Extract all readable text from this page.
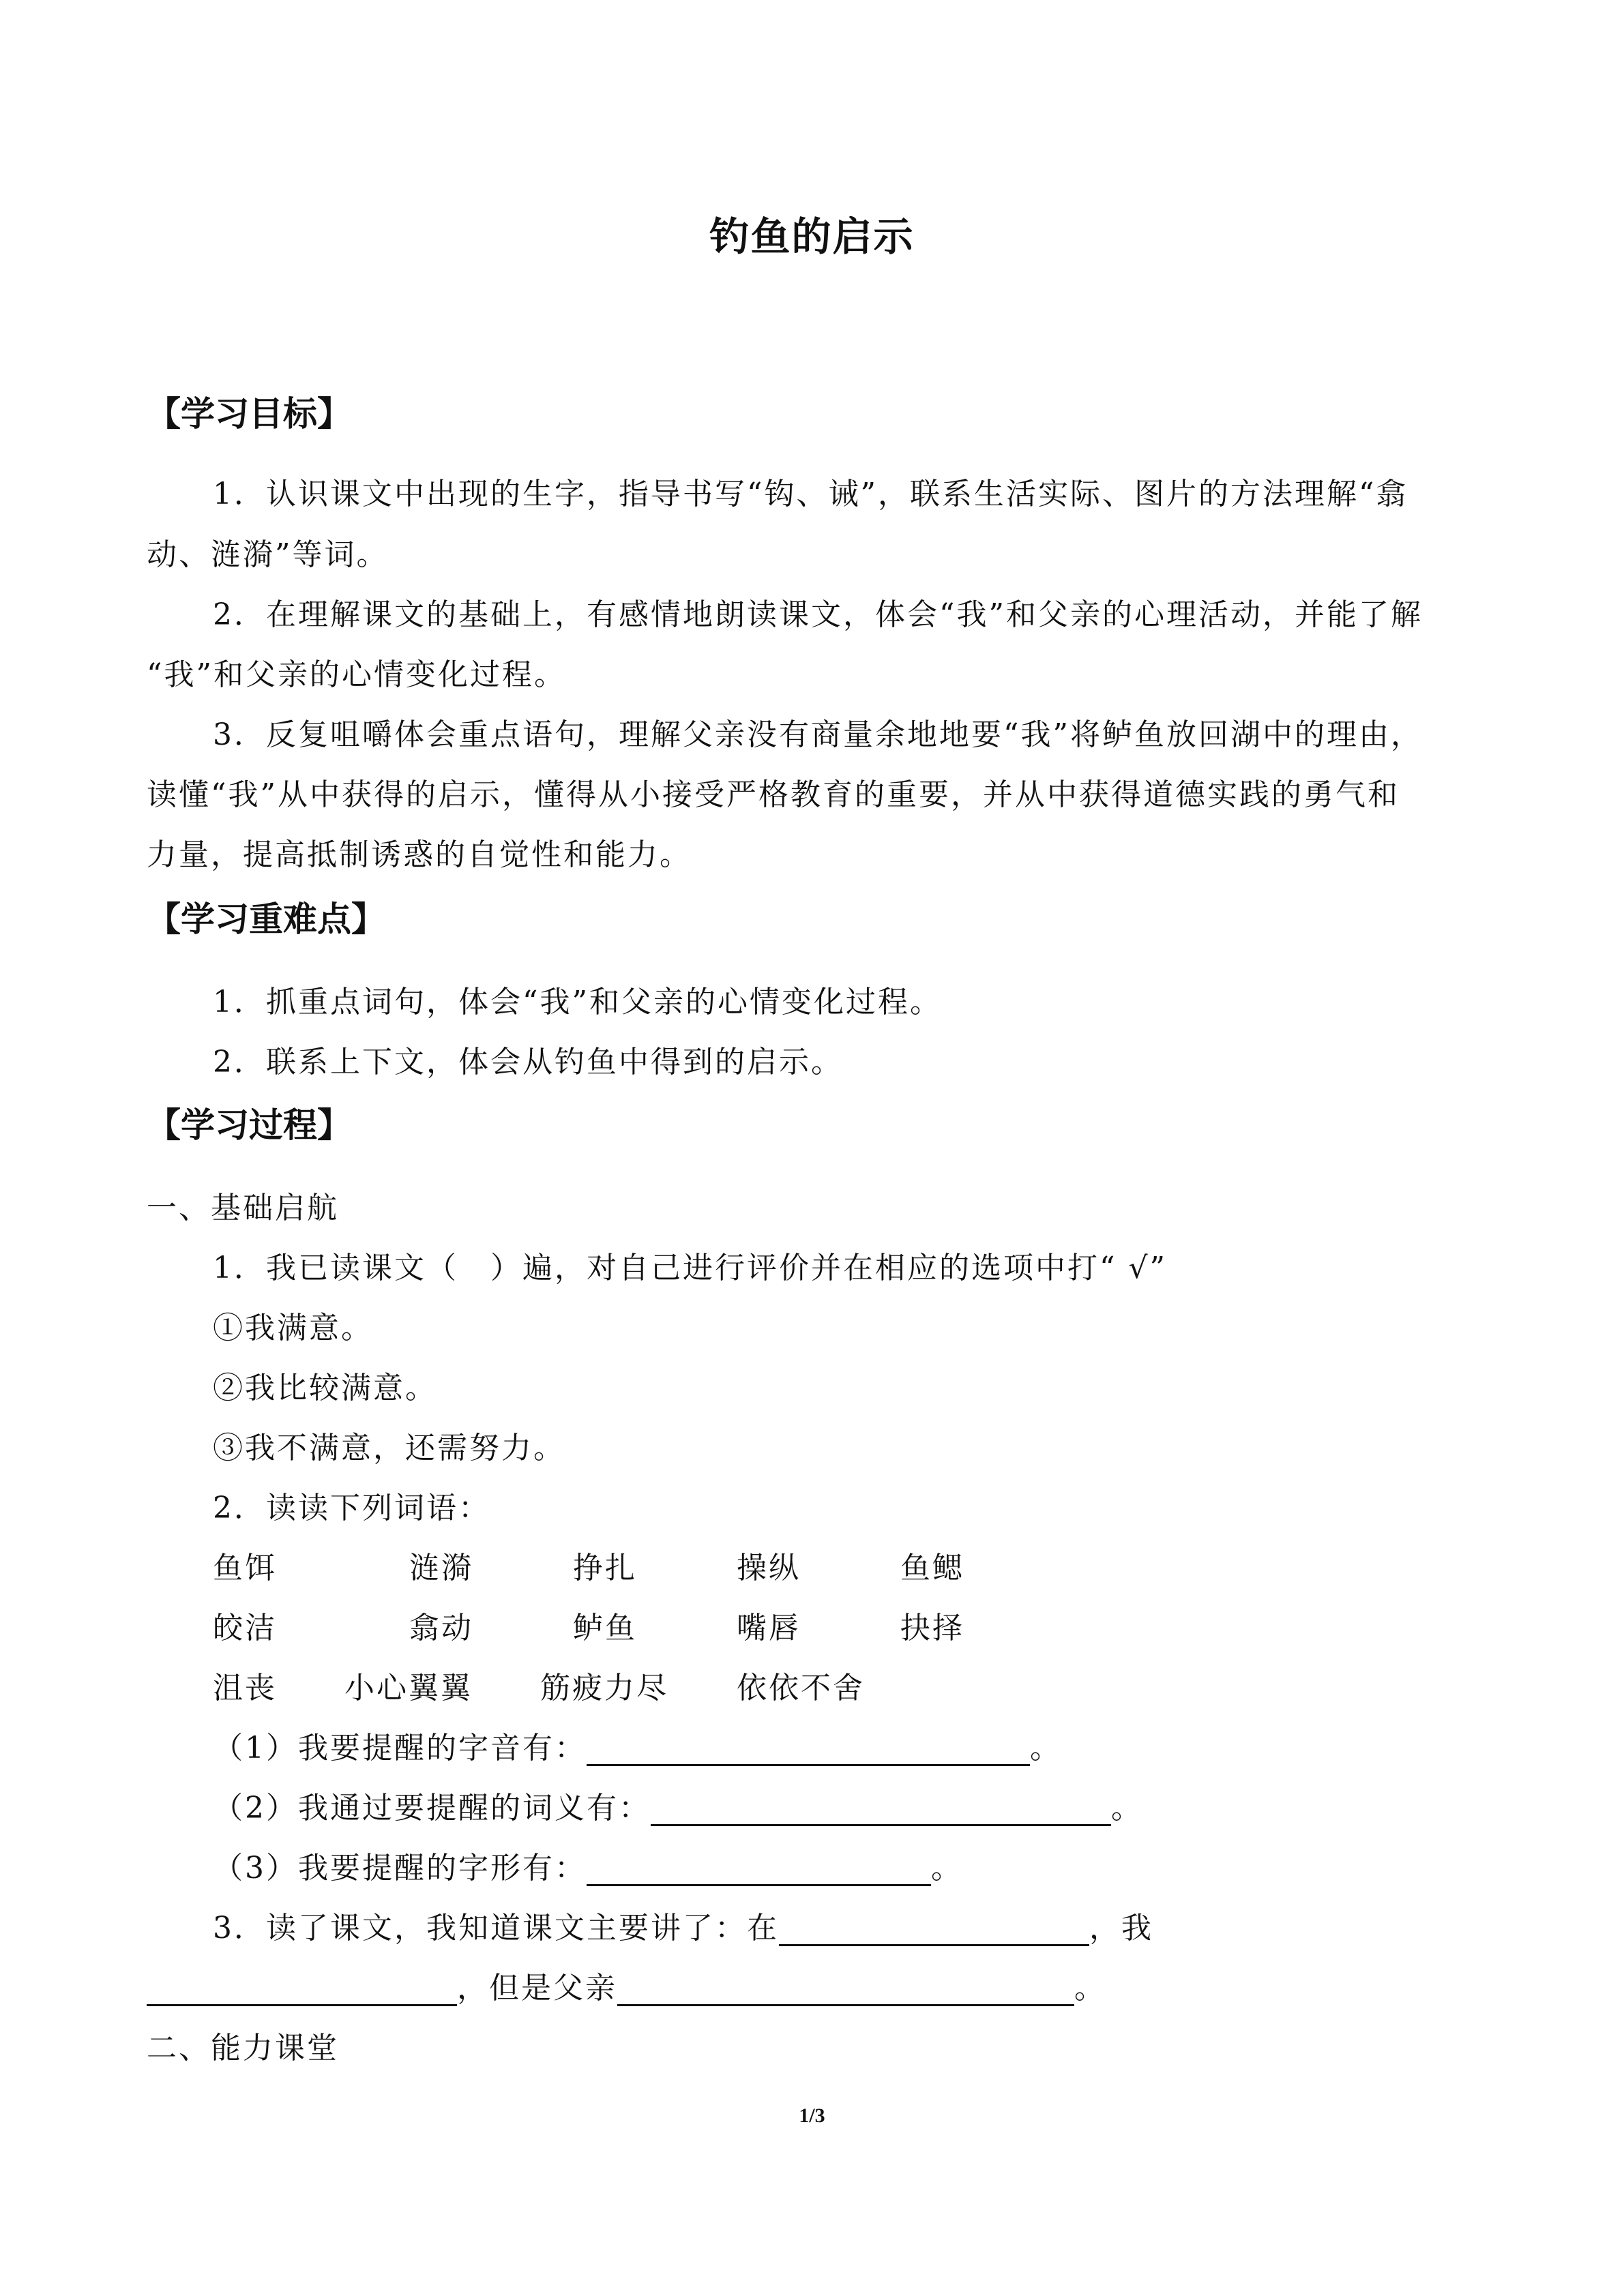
钓鱼的启示
【学习目标】
1．认识课文中出现的生字，指导书写“钩、诫”，联系生活实际、图片的方法理解“翕
动、涟漪”等词。
2．在理解课文的基础上，有感情地朗读课文，体会“我”和父亲的心理活动，并能了解
“我”和父亲的心情变化过程。
3．反复咀嚼体会重点语句，理解父亲没有商量余地地要“我”将鲈鱼放回湖中的理由，
读懂“我”从中获得的启示，懂得从小接受严格教育的重要，并从中获得道德实践的勇气和
力量，提高抵制诱惑的自觉性和能力。
【学习重难点】
1．抓重点词句，体会“我”和父亲的心情变化过程。
2．联系上下文，体会从钓鱼中得到的启示。
【学习过程】
一、基础启航
1．我已读课文（　）遍，对自己进行评价并在相应的选项中打“ √”
①我满意。
②我比较满意。
③我不满意，还需努力。
2．读读下列词语：
鱼饵	涟漪	挣扎	操纵	鱼鳃
皎洁	翕动	鲈鱼	嘴唇	抉择
沮丧 小心翼翼 筋疲力尽 依依不舍
（1）我要提醒的字音有：	。
（2）我通过要提醒的词义有：	。
（3）我要提醒的字形有：	。
3．读了课文，我知道课文主要讲了：在	，我
，但是父亲	。
二、能力课堂
1/3
